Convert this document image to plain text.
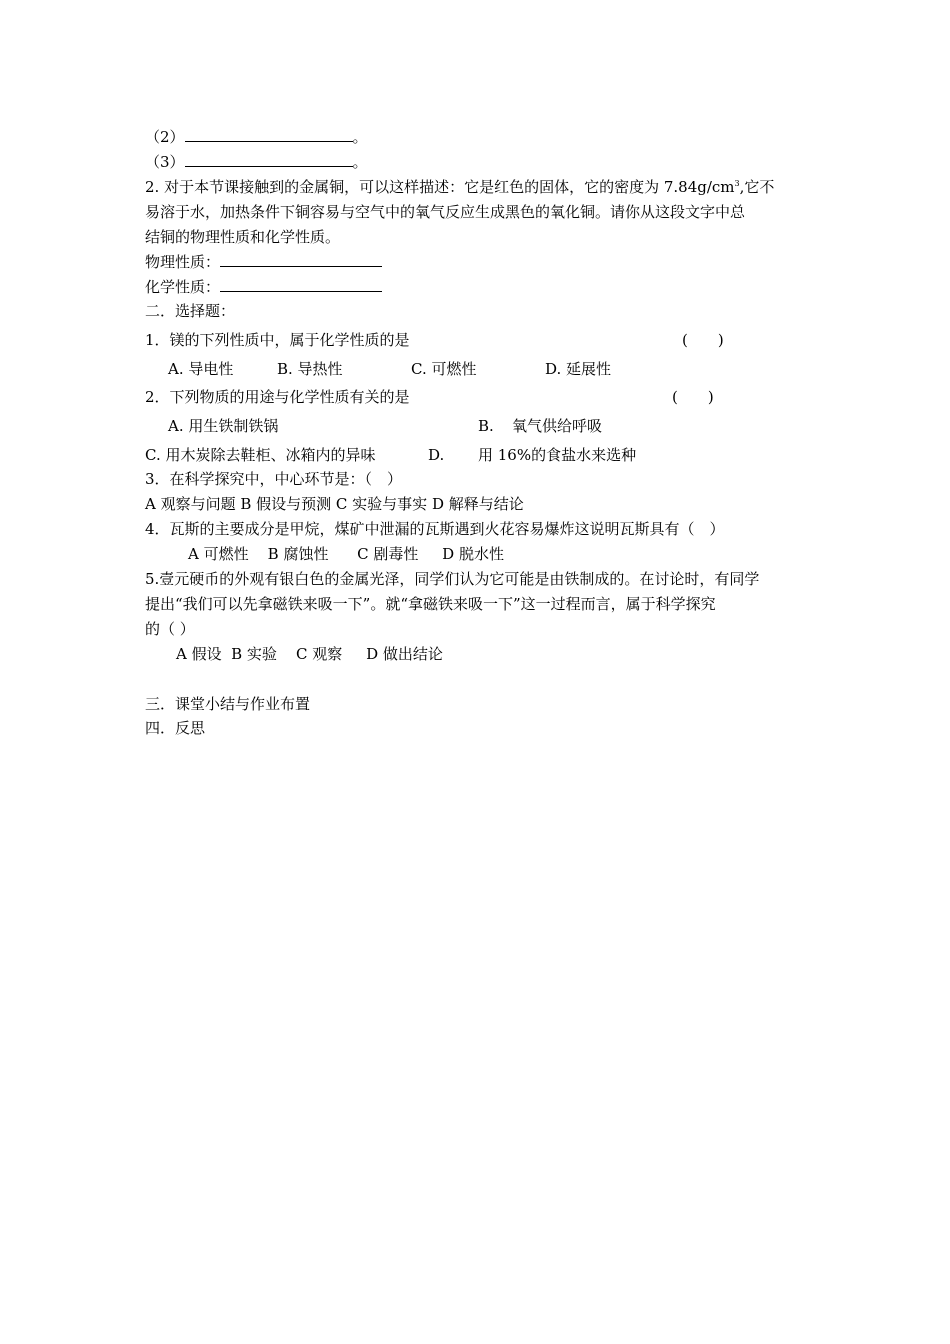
（2）	。
（3）	。
2. 对于本节课接触到的金属铜，可以这样描述：它是红色的固体，它的密度为 $7.84g/cm^3$,它不
易溶于水，加热条件下铜容易与空气中的氧气反应生成黑色的氧化铜。请你从这段文字中总
结铜的物理性质和化学性质。
物理性质：
化学性质：
二．选择题：
1．镁的下列性质中，属于化学性质的是	(　　)
A. 导电性	B. 导热性	C. 可燃性	D. 延展性
2．下列物质的用途与化学性质有关的是	(　　)
A. 用生铁制铁锅	B. 氧气供给呼吸
C. 用木炭除去鞋柜、冰箱内的异味	D. 用 16%的食盐水来选种
3．在科学探究中，中心环节是：（　）
A 观察与问题 B 假设与预测 C 实验与事实 D 解释与结论
4．瓦斯的主要成分是甲烷，煤矿中泄漏的瓦斯遇到火花容易爆炸这说明瓦斯具有（　）
A 可燃性    B 腐蚀性      C 剧毒性     D 脱水性
5.壹元硬币的外观有银白色的金属光泽，同学们认为它可能是由铁制成的。在讨论时，有同学
提出“我们可以先拿磁铁来吸一下”。就“拿磁铁来吸一下”这一过程而言，属于科学探究
的（ ）
A 假设  B 实验    C 观察     D 做出结论
三．课堂小结与作业布置
四．反思
